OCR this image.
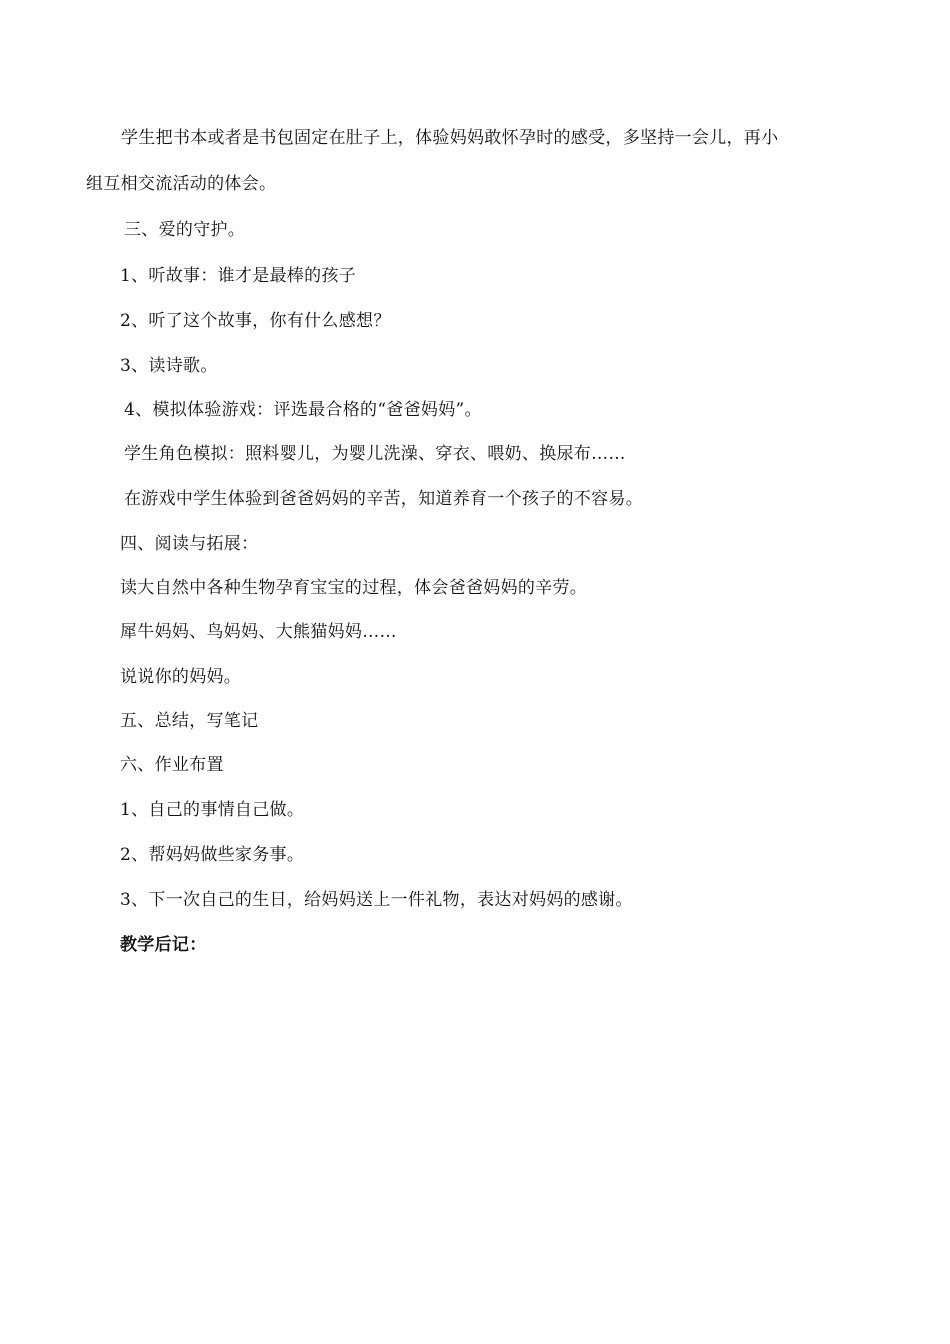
学生把书本或者是书包固定在肚子上，体验妈妈敢怀孕时的感受，多坚持一会儿，再小
组互相交流活动的体会。
三、爱的守护。
1、听故事：谁才是最棒的孩子
2、听了这个故事，你有什么感想？
3、读诗歌。
4、模拟体验游戏：评选最合格的“爸爸妈妈”。
学生角色模拟：照料婴儿，为婴儿洗澡、穿衣、喂奶、换尿布……
在游戏中学生体验到爸爸妈妈的辛苦，知道养育一个孩子的不容易。
四、阅读与拓展：
读大自然中各种生物孕育宝宝的过程，体会爸爸妈妈的辛劳。
犀牛妈妈、鸟妈妈、大熊猫妈妈……
说说你的妈妈。
五、总结，写笔记
六、作业布置
1、自己的事情自己做。
2、帮妈妈做些家务事。
3、下一次自己的生日，给妈妈送上一件礼物，表达对妈妈的感谢。
教学后记：
